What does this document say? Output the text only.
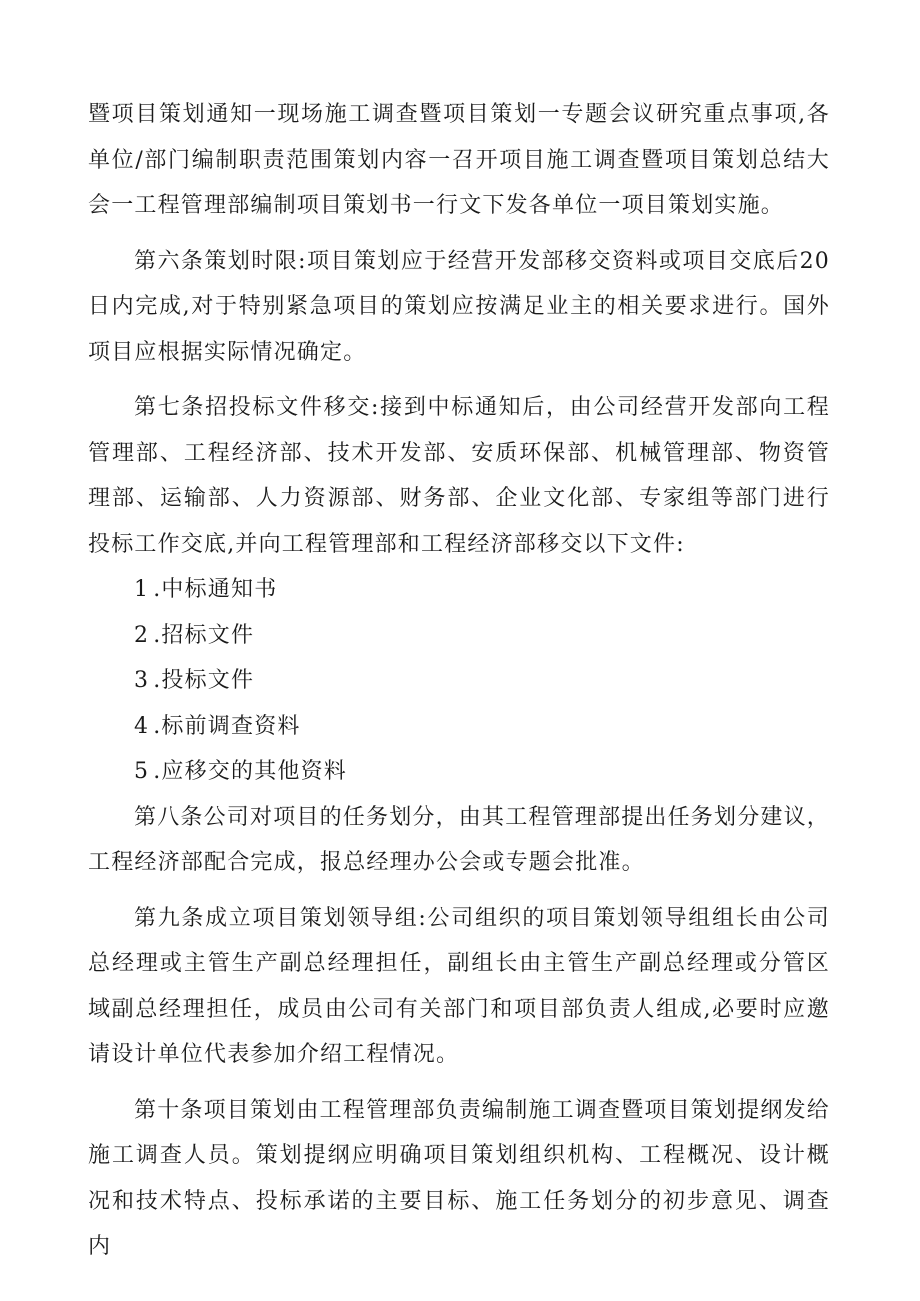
暨项目策划通知一现场施工调查暨项目策划一专题会议研究重点事项,各单位/部门编制职责范围策划内容一召开项目施工调查暨项目策划总结大会一工程管理部编制项目策划书一行文下发各单位一项目策划实施。

第六条策划时限:项目策划应于经营开发部移交资料或项目交底后20日内完成,对于特别紧急项目的策划应按满足业主的相关要求进行。国外项目应根据实际情况确定。

第七条招投标文件移交:接到中标通知后，由公司经营开发部向工程管理部、工程经济部、技术开发部、安质环保部、机械管理部、物资管理部、运输部、人力资源部、财务部、企业文化部、专家组等部门进行投标工作交底,并向工程管理部和工程经济部移交以下文件:

1 .中标通知书
2 .招标文件
3 .投标文件
4 .标前调查资料
5 .应移交的其他资料

第八条公司对项目的任务划分，由其工程管理部提出任务划分建议，工程经济部配合完成，报总经理办公会或专题会批准。

第九条成立项目策划领导组:公司组织的项目策划领导组组长由公司总经理或主管生产副总经理担任，副组长由主管生产副总经理或分管区域副总经理担任，成员由公司有关部门和项目部负责人组成,必要时应邀请设计单位代表参加介绍工程情况。

第十条项目策划由工程管理部负责编制施工调查暨项目策划提纲发给施工调查人员。策划提纲应明确项目策划组织机构、工程概况、设计概况和技术特点、投标承诺的主要目标、施工任务划分的初步意见、调查内
